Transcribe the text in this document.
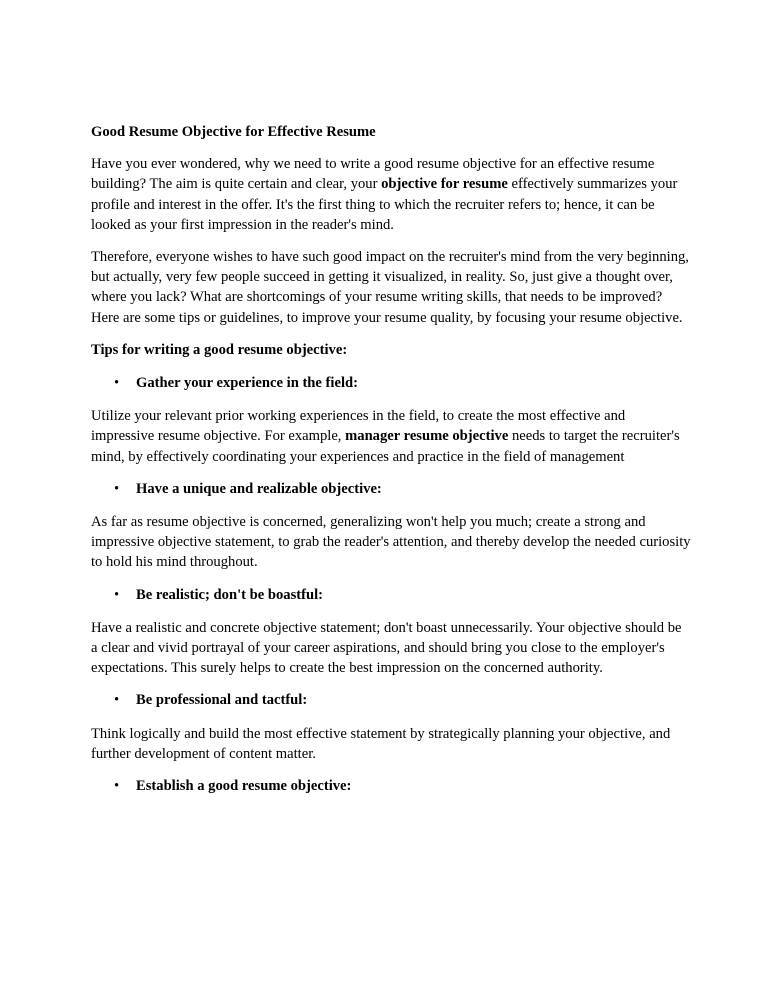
Good Resume Objective for Effective Resume

Have you ever wondered, why we need to write a good resume objective for an effective resume building? The aim is quite certain and clear, your objective for resume effectively summarizes your profile and interest in the offer. It's the first thing to which the recruiter refers to; hence, it can be looked as your first impression in the reader's mind.

Therefore, everyone wishes to have such good impact on the recruiter's mind from the very beginning, but actually, very few people succeed in getting it visualized, in reality. So, just give a thought over, where you lack? What are shortcomings of your resume writing skills, that needs to be improved? Here are some tips or guidelines, to improve your resume quality, by focusing your resume objective.

Tips for writing a good resume objective:

• Gather your experience in the field:

Utilize your relevant prior working experiences in the field, to create the most effective and impressive resume objective. For example, manager resume objective needs to target the recruiter's mind, by effectively coordinating your experiences and practice in the field of management

• Have a unique and realizable objective:

As far as resume objective is concerned, generalizing won't help you much; create a strong and impressive objective statement, to grab the reader's attention, and thereby develop the needed curiosity to hold his mind throughout.

• Be realistic; don't be boastful:

Have a realistic and concrete objective statement; don't boast unnecessarily. Your objective should be a clear and vivid portrayal of your career aspirations, and should bring you close to the employer's expectations. This surely helps to create the best impression on the concerned authority.

• Be professional and tactful:

Think logically and build the most effective statement by strategically planning your objective, and further development of content matter.

• Establish a good resume objective:
